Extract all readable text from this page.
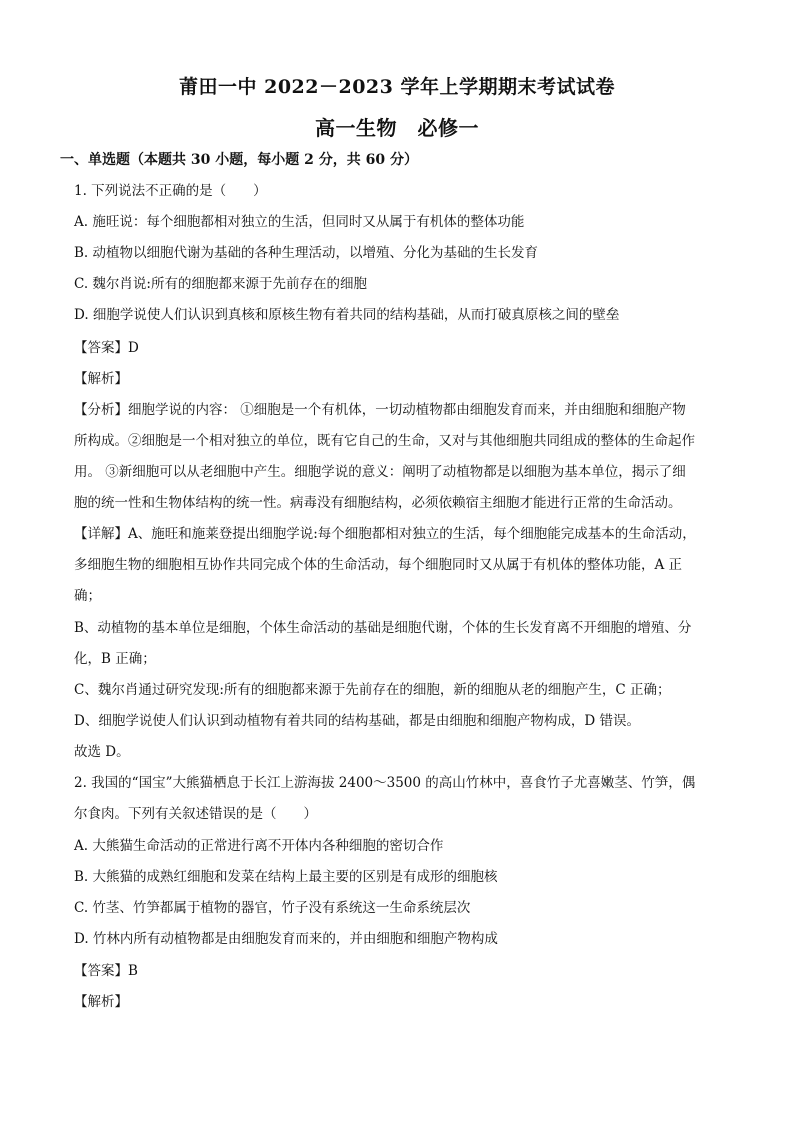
莆田一中 2022－2023 学年上学期期末考试试卷
高一生物　必修一
一、单选题（本题共 30 小题，每小题 2 分，共 60 分）
1. 下列说法不正确的是（　　）
A. 施旺说：每个细胞都相对独立的生活，但同时又从属于有机体的整体功能
B. 动植物以细胞代谢为基础的各种生理活动，以增殖、分化为基础的生长发育
C. 魏尔肖说:所有的细胞都来源于先前存在的细胞
D. 细胞学说使人们认识到真核和原核生物有着共同的结构基础，从而打破真原核之间的壁垒
【答案】D
【解析】
【分析】细胞学说的内容： ①细胞是一个有机体，一切动植物都由细胞发育而来，并由细胞和细胞产物
所构成。②细胞是一个相对独立的单位，既有它自己的生命，又对与其他细胞共同组成的整体的生命起作
用。 ③新细胞可以从老细胞中产生。细胞学说的意义：阐明了动植物都是以细胞为基本单位，揭示了细
胞的统一性和生物体结构的统一性。病毒没有细胞结构，必须依赖宿主细胞才能进行正常的生命活动。
【详解】A、施旺和施莱登提出细胞学说:每个细胞都相对独立的生活，每个细胞能完成基本的生命活动，
多细胞生物的细胞相互协作共同完成个体的生命活动，每个细胞同时又从属于有机体的整体功能，A 正
确；
B、动植物的基本单位是细胞，个体生命活动的基础是细胞代谢，个体的生长发育离不开细胞的增殖、分
化，B 正确；
C、魏尔肖通过研究发现:所有的细胞都来源于先前存在的细胞，新的细胞从老的细胞产生，C 正确；
D、细胞学说使人们认识到动植物有着共同的结构基础，都是由细胞和细胞产物构成，D 错误。
故选 D。
2. 我国的“国宝”大熊猫栖息于长江上游海拔 2400～3500 的高山竹林中，喜食竹子尤喜嫩茎、竹笋，偶
尔食肉。下列有关叙述错误的是（　　）
A. 大熊猫生命活动的正常进行离不开体内各种细胞的密切合作
B. 大熊猫的成熟红细胞和发菜在结构上最主要的区别是有成形的细胞核
C. 竹茎、竹笋都属于植物的器官，竹子没有系统这一生命系统层次
D. 竹林内所有动植物都是由细胞发育而来的，并由细胞和细胞产物构成
【答案】B
【解析】
